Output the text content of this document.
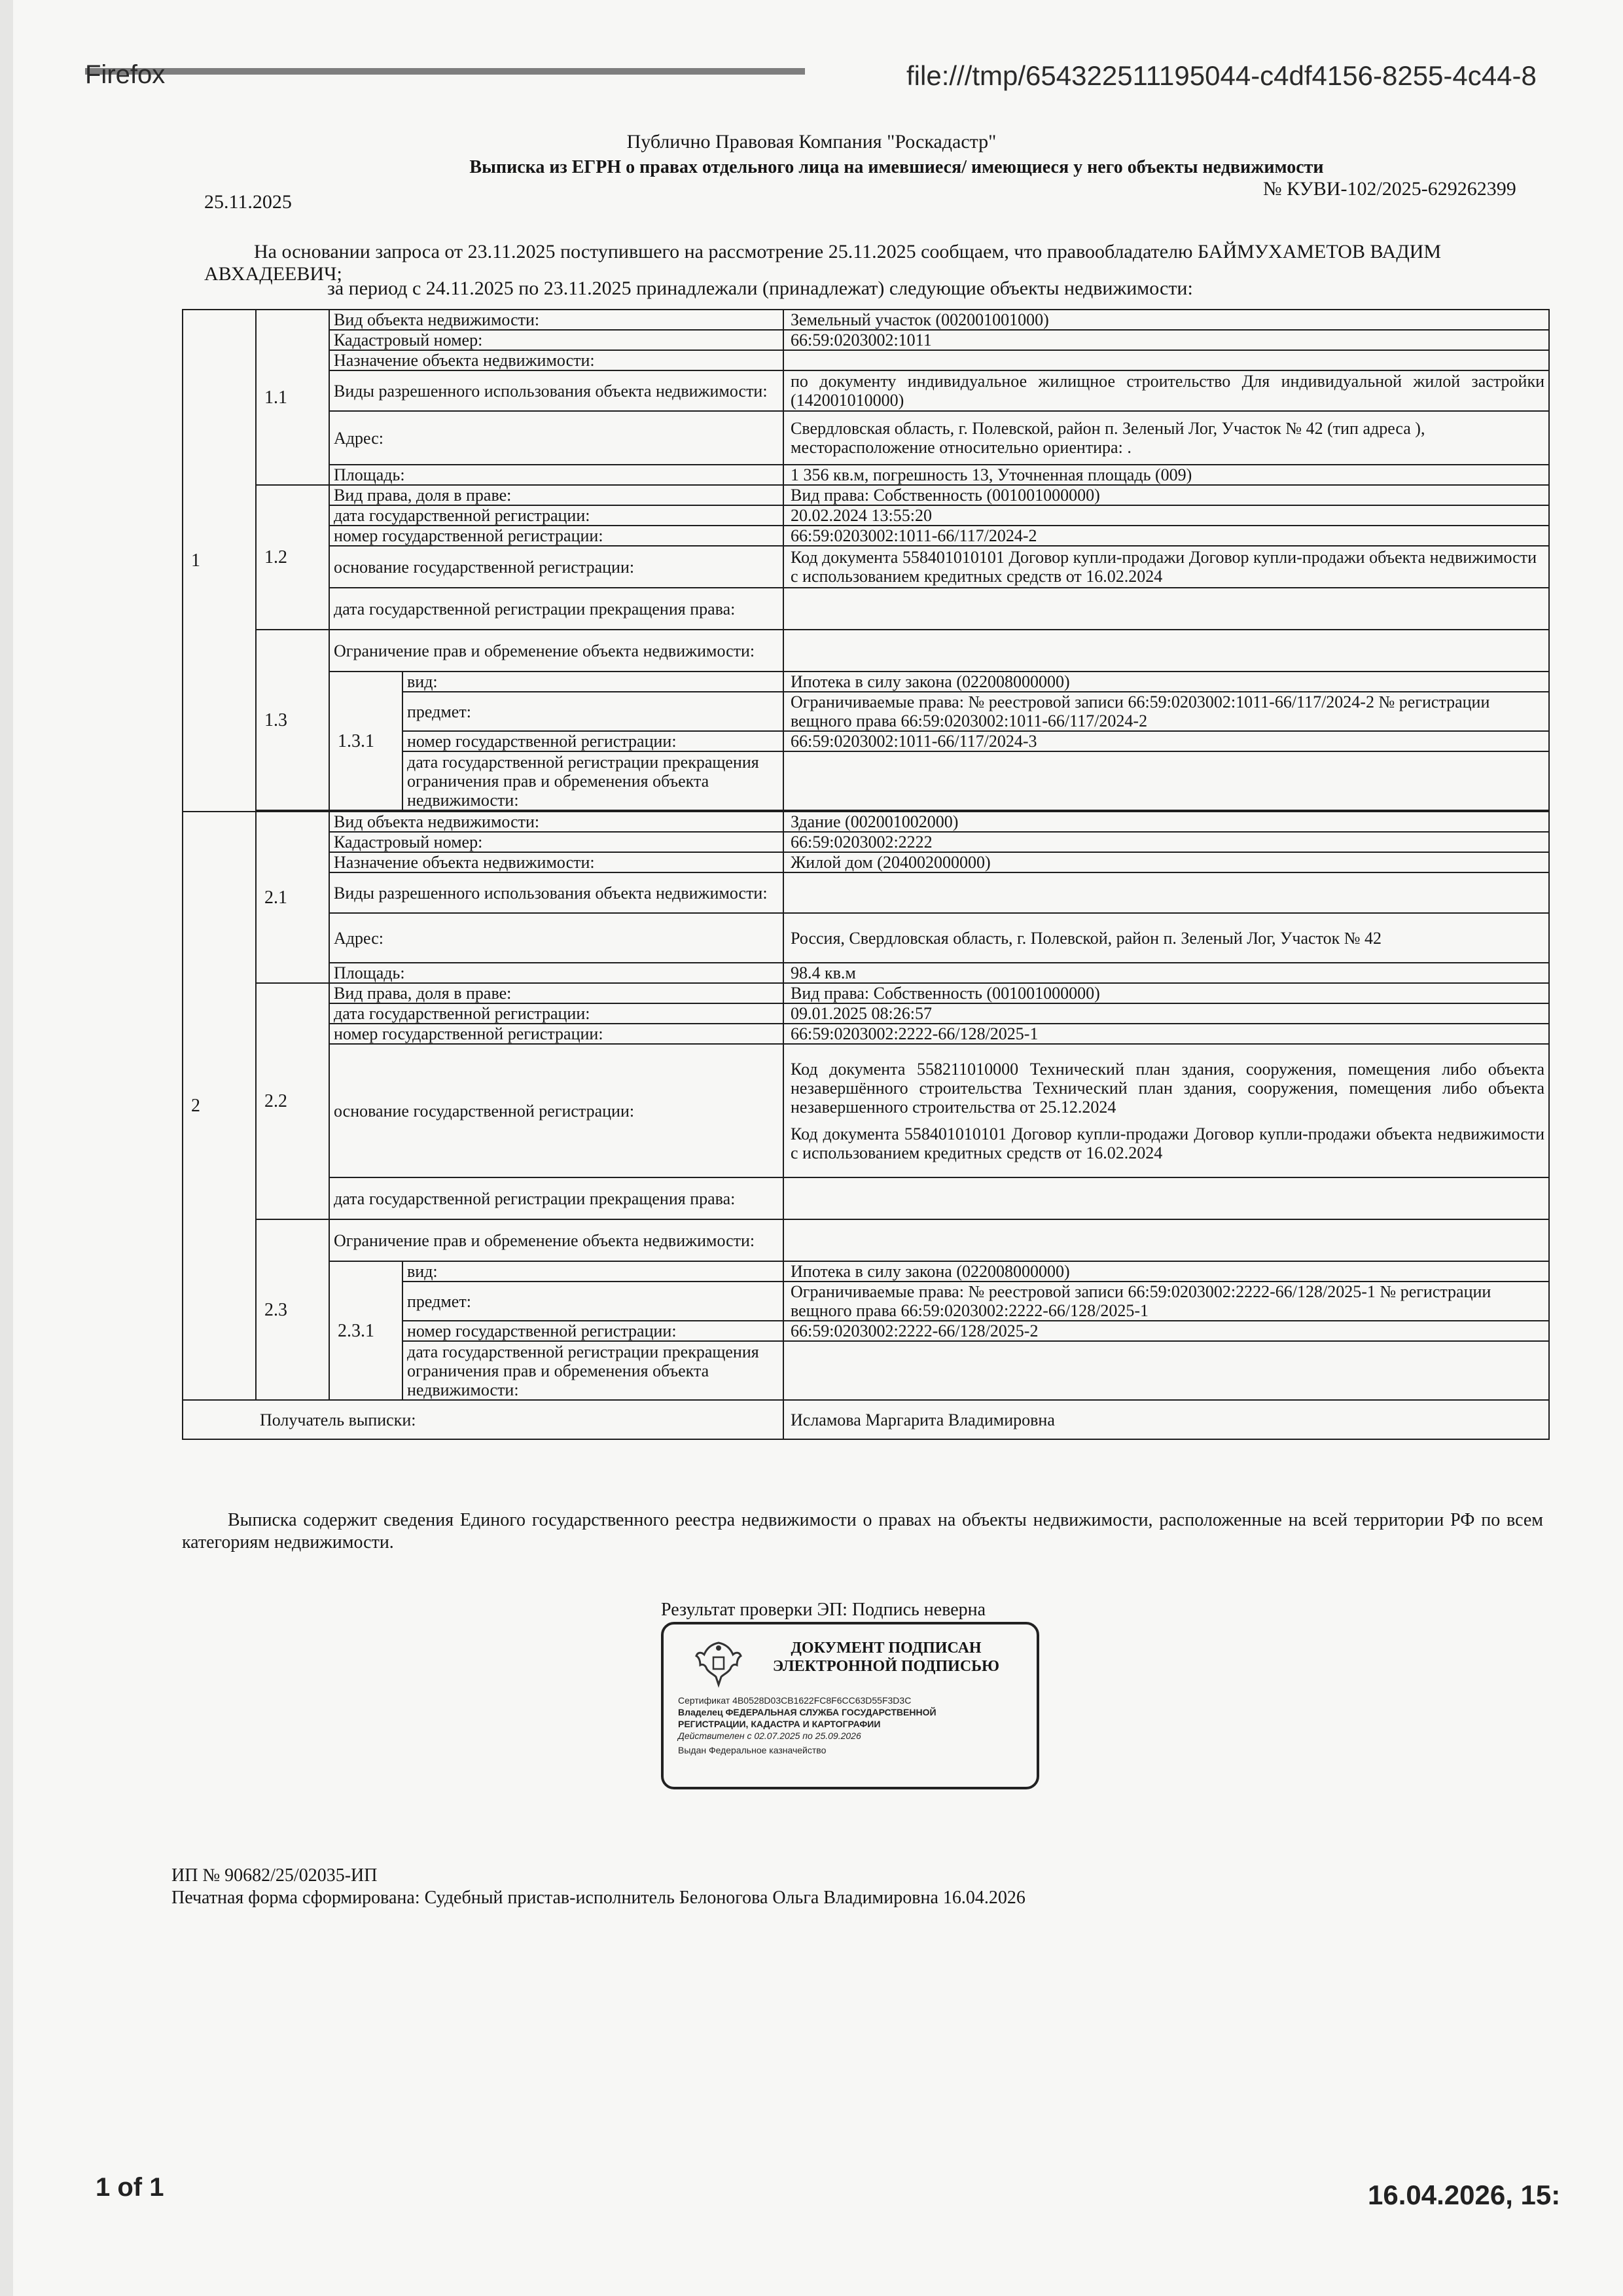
Firefox	file:///tmp/654322511195044-c4df4156-8255-4c44-8
Публично Правовая Компания "Роскадастр"
Выписка из ЕГРН о правах отдельного лица на имевшиеся/ имеющиеся у него объекты недвижимости
25.11.2025
№ КУВИ-102/2025-629262399
На основании запроса от 23.11.2025 поступившего на рассмотрение 25.11.2025 сообщаем, что правообладателю БАЙМУХАМЕТОВ ВАДИМ
АВХАДЕЕВИЧ;
за период с 24.11.2025 по 23.11.2025 принадлежали (принадлежат) следующие объекты недвижимости:
1	1.1	Вид объекта недвижимости:		Земельный участок (002001001000)
		Кадастровый номер:		66:59:0203002:1011
		Назначение объекта недвижимости:		
		Виды разрешенного использования объекта недвижимости:		по документу индивидуальное жилищное строительство Для индивидуальной жилой застройки (142001010000)
		Адрес:		Свердловская область, г. Полевской, район п. Зеленый Лог, Участок № 42 (тип адреса ), месторасположение относительно ориентира: .
		Площадь:		1 356 кв.м, погрешность 13, Уточненная площадь (009)
	1.2	Вид права, доля в праве:		Вид права: Собственность (001001000000)
		дата государственной регистрации:		20.02.2024 13:55:20
		номер государственной регистрации:		66:59:0203002:1011-66/117/2024-2
		основание государственной регистрации:		Код документа 558401010101 Договор купли-продажи Договор купли-продажи объекта недвижимости с использованием кредитных средств от 16.02.2024
		дата государственной регистрации прекращения права:		
	1.3	Ограничение прав и обременение объекта недвижимости:		
		1.3.1	вид:	Ипотека в силу закона (022008000000)
			предмет:	Ограничиваемые права: № реестровой записи 66:59:0203002:1011-66/117/2024-2 № регистрации вещного права 66:59:0203002:1011-66/117/2024-2
			номер государственной регистрации:	66:59:0203002:1011-66/117/2024-3
			дата государственной регистрации прекращения ограничения прав и обременения объекта недвижимости:	

2	2.1	Вид объекта недвижимости:		Здание (002001002000)
		Кадастровый номер:		66:59:0203002:2222
		Назначение объекта недвижимости:		Жилой дом (204002000000)
		Виды разрешенного использования объекта недвижимости:		
		Адрес:		Россия, Свердловская область, г. Полевской, район п. Зеленый Лог, Участок № 42
		Площадь:		98.4 кв.м
	2.2	Вид права, доля в праве:		Вид права: Собственность (001001000000)
		дата государственной регистрации:		09.01.2025 08:26:57
		номер государственной регистрации:		66:59:0203002:2222-66/128/2025-1
		основание государственной регистрации:		Код документа 558211010000 Технический план здания, сооружения, помещения либо объекта незавершённого строительства Технический план здания, сооружения, помещения либо объекта незавершенного строительства от 25.12.2024
Код документа 558401010101 Договор купли-продажи Договор купли-продажи объекта недвижимости с использованием кредитных средств от 16.02.2024

		дата государственной регистрации прекращения права:		
	2.3	Ограничение прав и обременение объекта недвижимости:		
		2.3.1	вид:	Ипотека в силу закона (022008000000)
			предмет:	Ограничиваемые права: № реестровой записи 66:59:0203002:2222-66/128/2025-1 № регистрации вещного права 66:59:0203002:2222-66/128/2025-1
			номер государственной регистрации:	66:59:0203002:2222-66/128/2025-2
			дата государственной регистрации прекращения ограничения прав и обременения объекта недвижимости:	
	Получатель выписки:			Исламова Маргарита Владимировна
Выписка содержит сведения Единого государственного реестра недвижимости о правах на объекты недвижимости, расположенные на всей территории РФ по всем категориям недвижимости.
Результат проверки ЭП: Подпись неверна
ДОКУМЕНТ ПОДПИСАН ЭЛЕКТРОННОЙ ПОДПИСЬЮ
Сертификат 4B0528D03CB1622FC8F6CC63D55F3D3C
Владелец ФЕДЕРАЛЬНАЯ СЛУЖБА ГОСУДАРСТВЕННОЙ
РЕГИСТРАЦИИ, КАДАСТРА И КАРТОГРАФИИ
Действителен с 02.07.2025 по 25.09.2026
Выдан Федеральное казначейство
ИП № 90682/25/02035-ИП
Печатная форма сформирована: Судебный пристав-исполнитель Белоногова Ольга Владимировна 16.04.2026
1 of 1	16.04.2026, 15:
